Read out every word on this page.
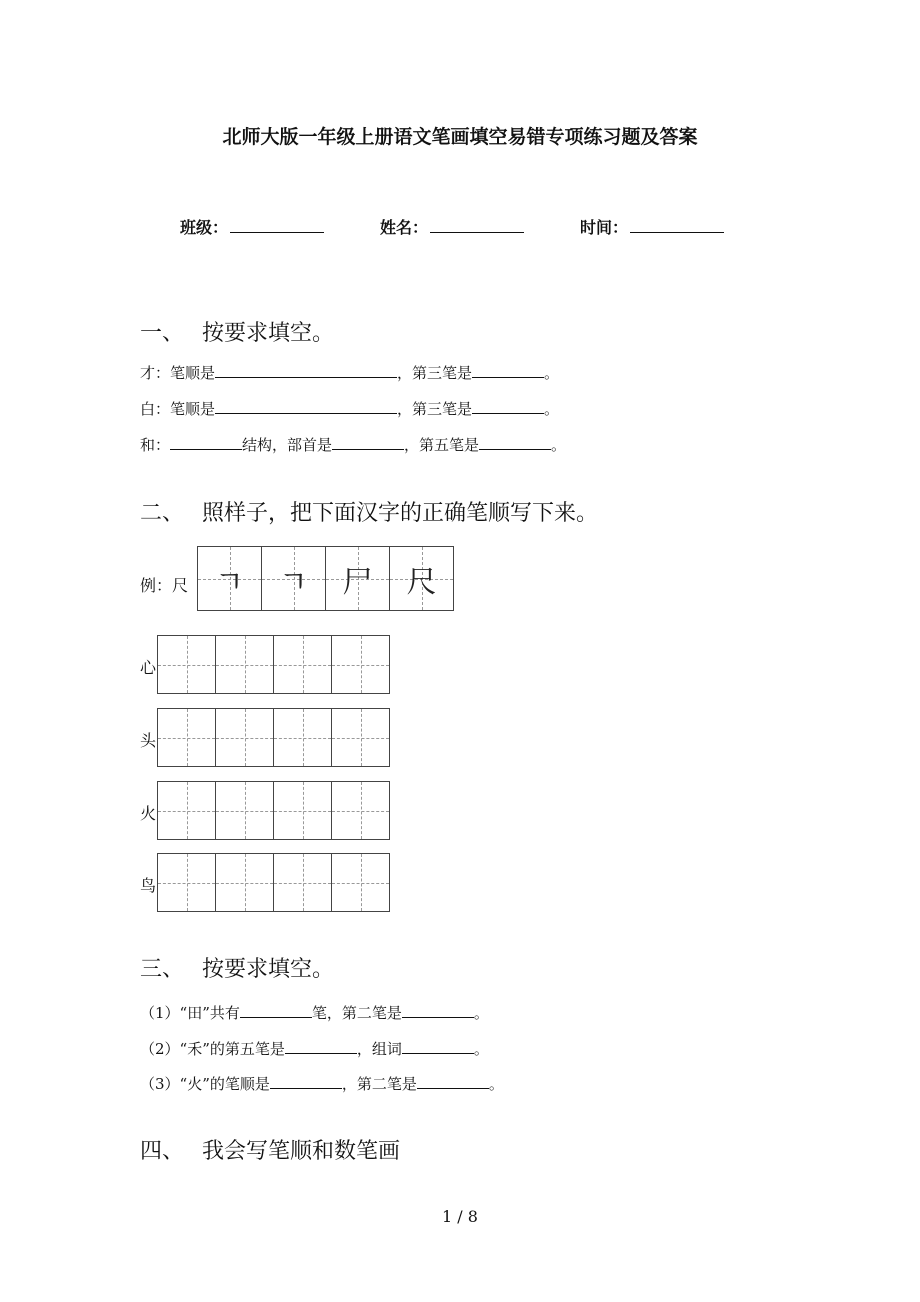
北师大版一年级上册语文笔画填空易错专项练习题及答案
班级：	姓名：	时间：
一、 按要求填空。
才：笔顺是	，第三笔是	。
白：笔顺是	，第三笔是	。
和：	结构，部首是	，第五笔是	。
二、 照样子，把下面汉字的正确笔顺写下来。
例：尺 ㄱ	ㄱ	尸	尺
心
头
火
鸟
三、 按要求填空。
（1）“田”共有	笔，第二笔是	。
（2）“禾”的第五笔是	，组词	。
（3）“火”的笔顺是	，第二笔是	。
四、 我会写笔顺和数笔画
1 / 8
